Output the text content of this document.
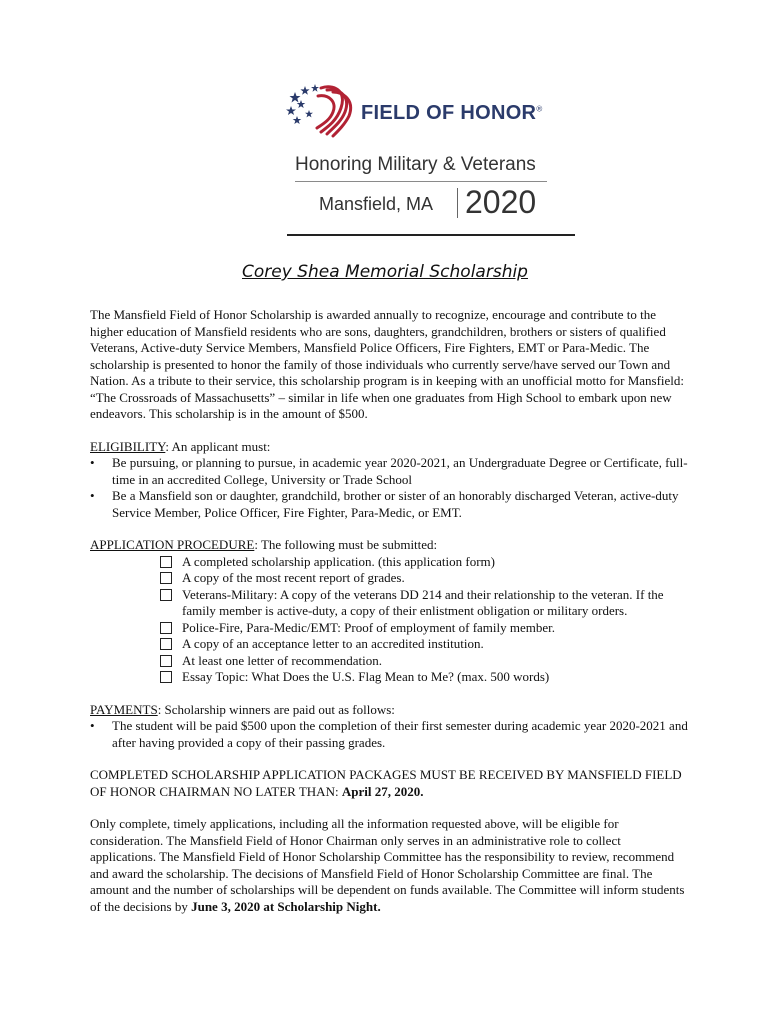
FIELD OF HONOR®
Honoring Military & Veterans
Mansfield, MA 2020
Corey Shea Memorial Scholarship

The Mansfield Field of Honor Scholarship is awarded annually to recognize, encourage and contribute to the higher education of Mansfield residents who are sons, daughters, grandchildren, brothers or sisters of qualified Veterans, Active-duty Service Members, Mansfield Police Officers, Fire Fighters, EMT or Para-Medic. The scholarship is presented to honor the family of those individuals who currently serve/have served our Town and Nation. As a tribute to their service, this scholarship program is in keeping with an unofficial motto for Mansfield: “The Crossroads of Massachusetts” – similar in life when one graduates from High School to embark upon new endeavors. This scholarship is in the amount of $500.

ELIGIBILITY: An applicant must:

• Be pursuing, or planning to pursue, in academic year 2020-2021, an Undergraduate Degree or Certificate, full-time in an accredited College, University or Trade School
• Be a Mansfield son or daughter, grandchild, brother or sister of an honorably discharged Veteran, active-duty Service Member, Police Officer, Fire Fighter, Para-Medic, or EMT.

APPLICATION PROCEDURE: The following must be submitted:

A completed scholarship application. (this application form)
A copy of the most recent report of grades.
Veterans-Military: A copy of the veterans DD 214 and their relationship to the veteran. If the family member is active-duty, a copy of their enlistment obligation or military orders.
Police-Fire, Para-Medic/EMT: Proof of employment of family member.
A copy of an acceptance letter to an accredited institution.
At least one letter of recommendation.
Essay Topic: What Does the U.S. Flag Mean to Me? (max. 500 words)

PAYMENTS: Scholarship winners are paid out as follows:

• The student will be paid $500 upon the completion of their first semester during academic year 2020-2021 and after having provided a copy of their passing grades.

COMPLETED SCHOLARSHIP APPLICATION PACKAGES MUST BE RECEIVED BY MANSFIELD FIELD OF HONOR CHAIRMAN NO LATER THAN: April 27, 2020.

Only complete, timely applications, including all the information requested above, will be eligible for consideration. The Mansfield Field of Honor Chairman only serves in an administrative role to collect applications. The Mansfield Field of Honor Scholarship Committee has the responsibility to review, recommend and award the scholarship. The decisions of Mansfield Field of Honor Scholarship Committee are final. The amount and the number of scholarships will be dependent on funds available. The Committee will inform students of the decisions by June 3, 2020 at Scholarship Night.
